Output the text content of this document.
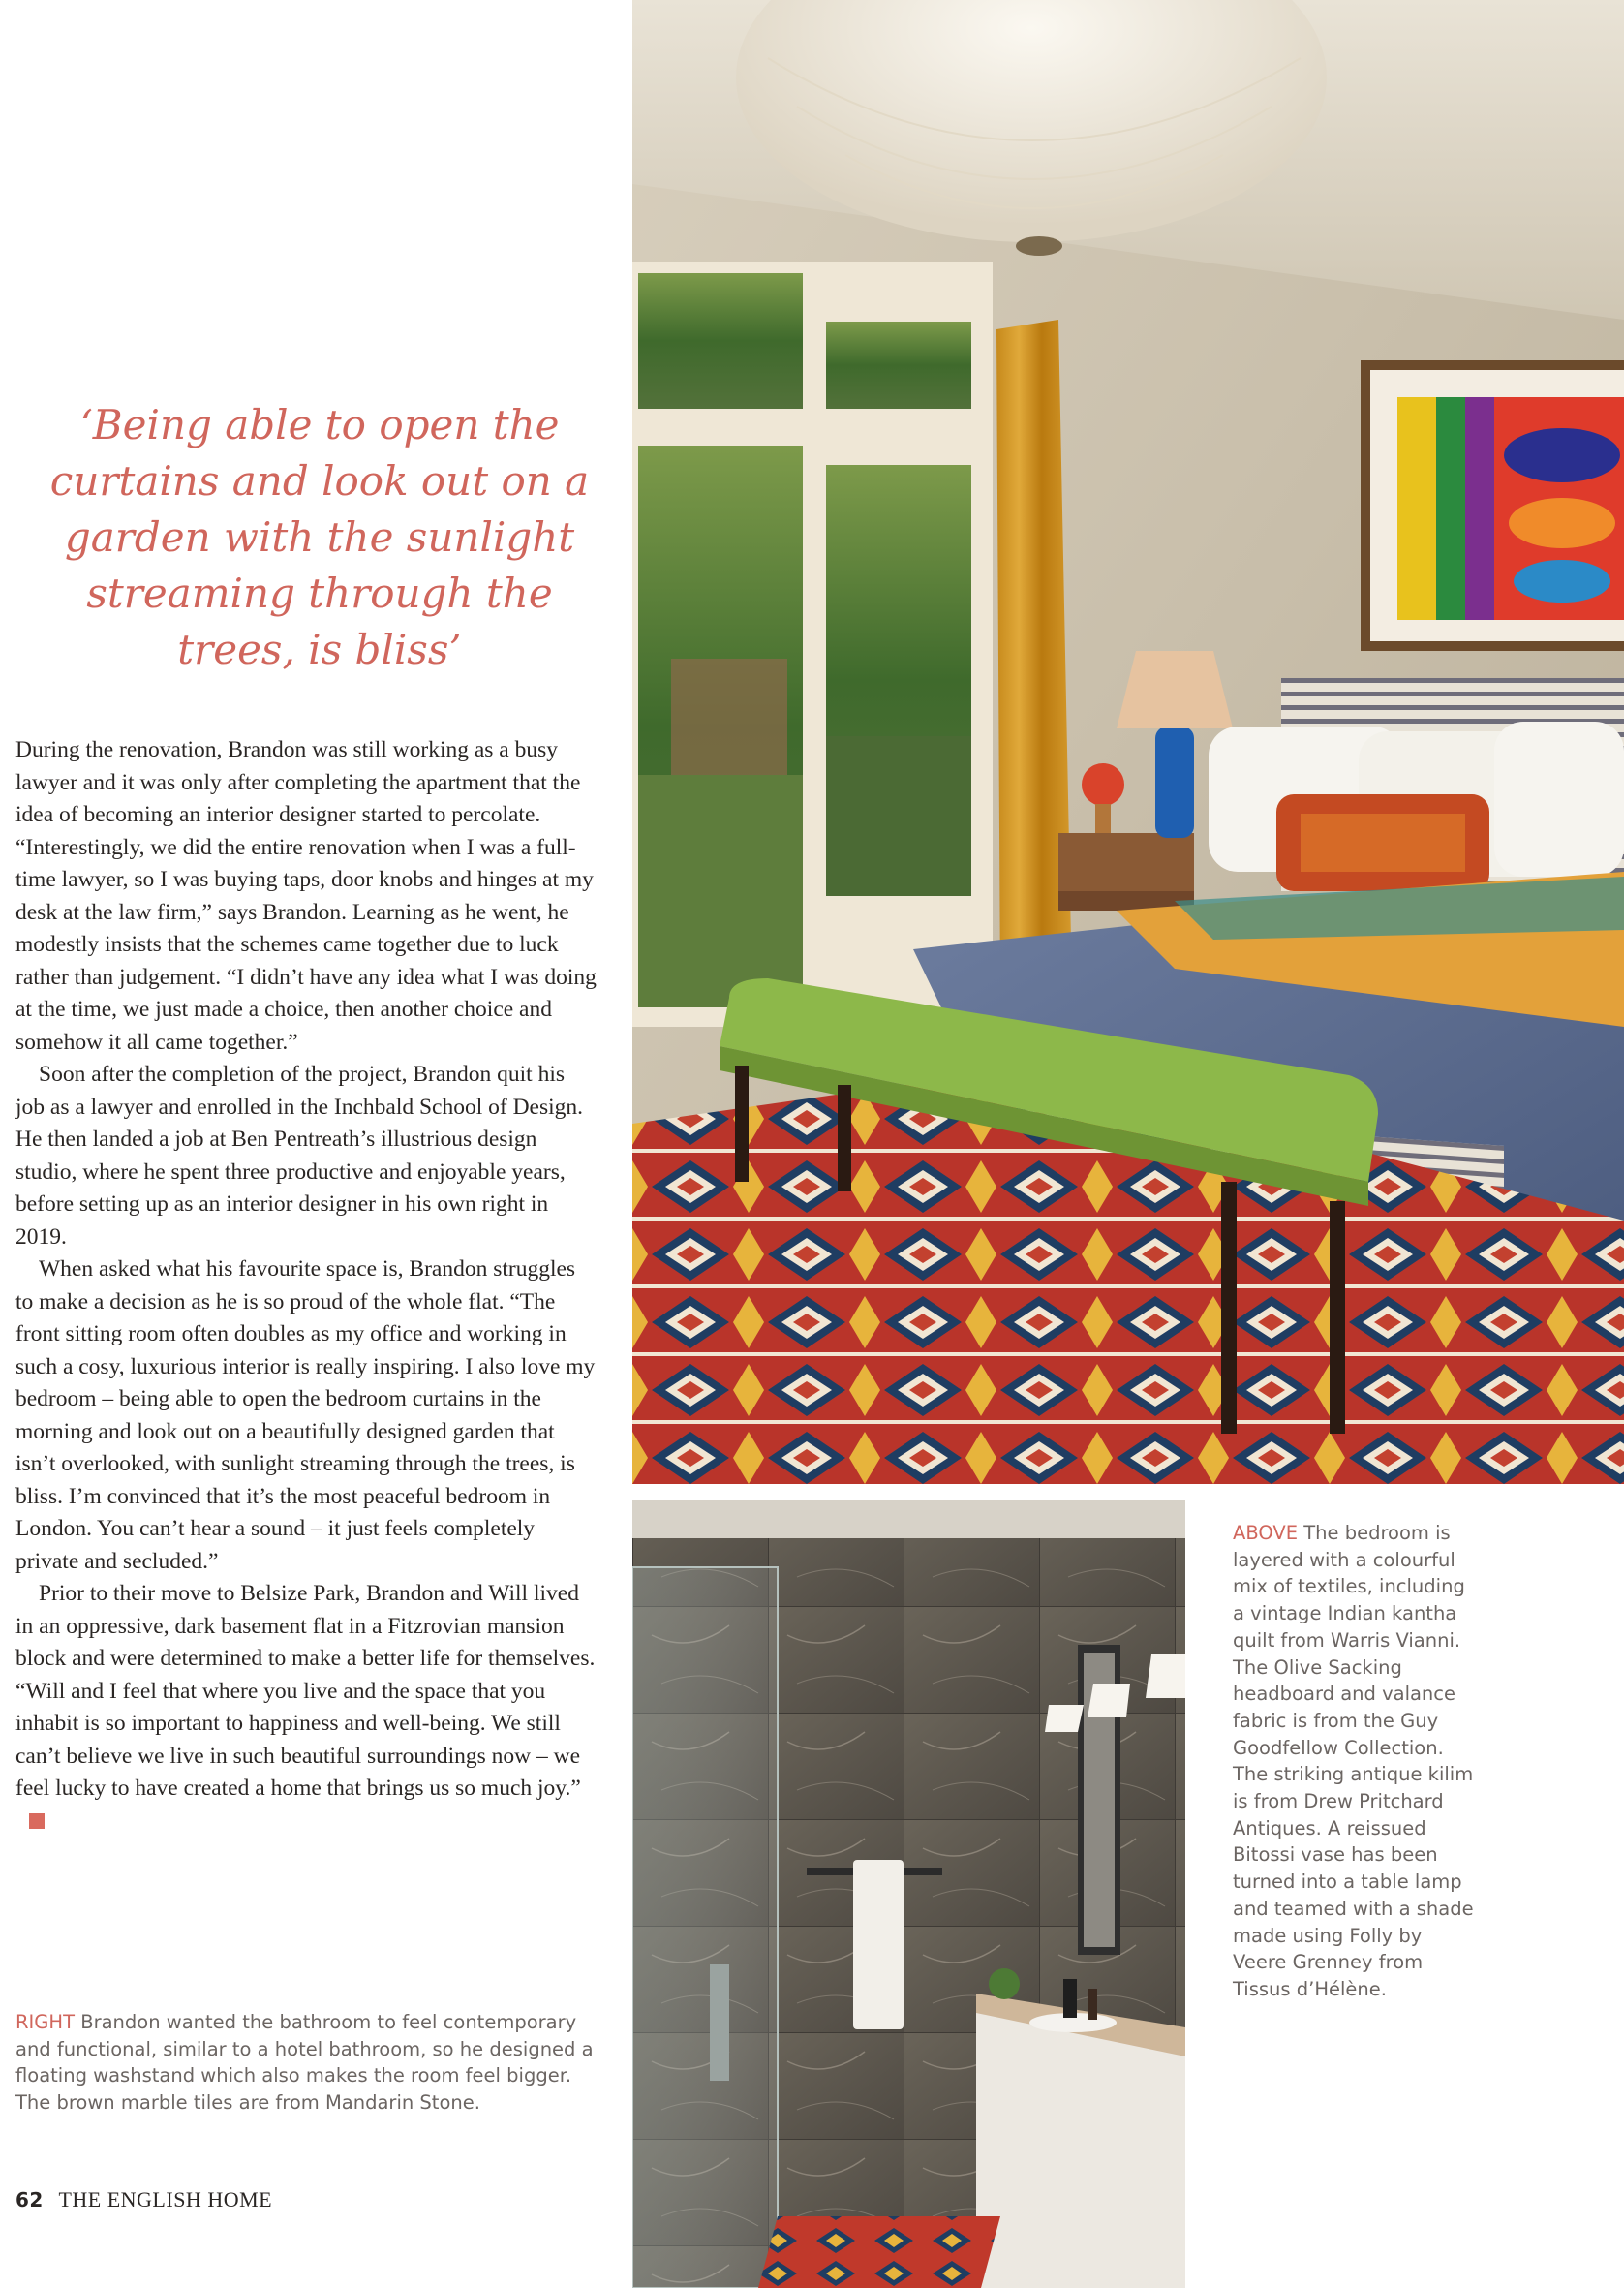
‘Being able to open the curtains and look out on a garden with the sunlight streaming through the trees, is bliss’

During the renovation, Brandon was still working as a busy lawyer and it was only after completing the apartment that the idea of becoming an interior designer started to percolate. “Interestingly, we did the entire renovation when I was a full-time lawyer, so I was buying taps, door knobs and hinges at my desk at the law firm,” says Brandon. Learning as he went, he modestly insists that the schemes came together due to luck rather than judgement. “I didn’t have any idea what I was doing at the time, we just made a choice, then another choice and somehow it all came together.”

Soon after the completion of the project, Brandon quit his job as a lawyer and enrolled in the Inchbald School of Design. He then landed a job at Ben Pentreath’s illustrious design studio, where he spent three productive and enjoyable years, before setting up as an interior designer in his own right in 2019.

When asked what his favourite space is, Brandon struggles to make a decision as he is so proud of the whole flat. “The front sitting room often doubles as my office and working in such a cosy, luxurious interior is really inspiring. I also love my bedroom – being able to open the bedroom curtains in the morning and look out on a beautifully designed garden that isn’t overlooked, with sunlight streaming through the trees, is bliss. I’m convinced that it’s the most peaceful bedroom in London. You can’t hear a sound – it just feels completely private and secluded.”

Prior to their move to Belsize Park, Brandon and Will lived in an oppressive, dark basement flat in a Fitzrovian mansion block and were determined to make a better life for themselves. “Will and I feel that where you live and the space that you inhabit is so important to happiness and well-being. We still can’t believe we live in such beautiful surroundings now – we feel lucky to have created a home that brings us so much joy.”

RIGHT Brandon wanted the bathroom to feel contemporary and functional, similar to a hotel bathroom, so he designed a floating washstand which also makes the room feel bigger. The brown marble tiles are from Mandarin Stone.
ABOVE The bedroom is layered with a colourful mix of textiles, including a vintage Indian kantha quilt from Warris Vianni. The Olive Sacking headboard and valance fabric is from the Guy Goodfellow Collection. The striking antique kilim is from Drew Pritchard Antiques. A reissued Bitossi vase has been turned into a table lamp and teamed with a shade made using Folly by Veere Grenney from Tissus d’Hélène.
62 THE ENGLISH HOME
